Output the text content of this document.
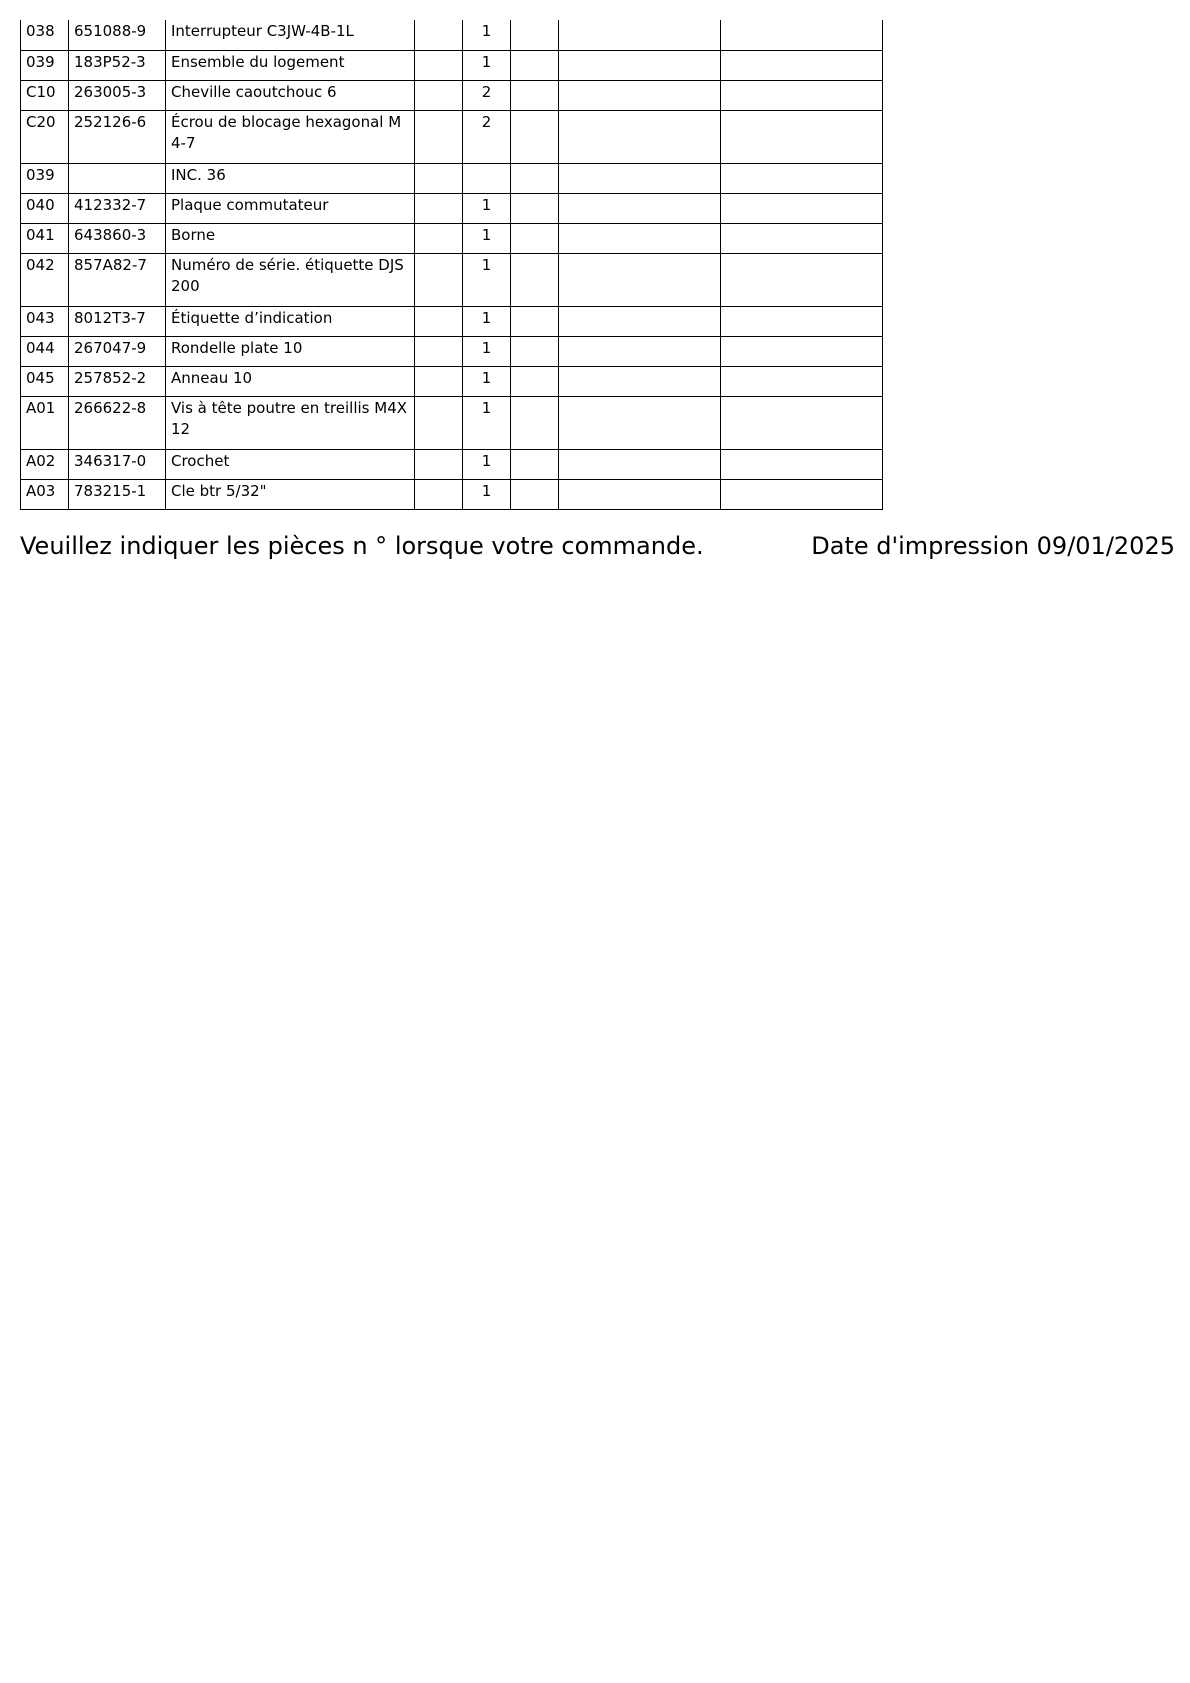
038	651088-9	Interrupteur C3JW-4B-1L		1			
039	183P52-3	Ensemble du logement		1			
C10	263005-3	Cheville caoutchouc 6		2			
C20	252126-6	Écrou de blocage hexagonal M4-7		2			
039		INC. 36					
040	412332-7	Plaque commutateur		1			
041	643860-3	Borne		1			
042	857A82-7	Numéro de série. étiquette DJS200		1			
043	8012T3-7	Étiquette d’indication		1			
044	267047-9	Rondelle plate 10		1			
045	257852-2	Anneau 10		1			
A01	266622-8	Vis à tête poutre en treillis M4X12		1			
A02	346317-0	Crochet		1			
A03	783215-1	Cle btr 5/32"		1			
Veuillez indiquer les pièces n ° lorsque votre commande.	Date d'impression 09/01/2025
